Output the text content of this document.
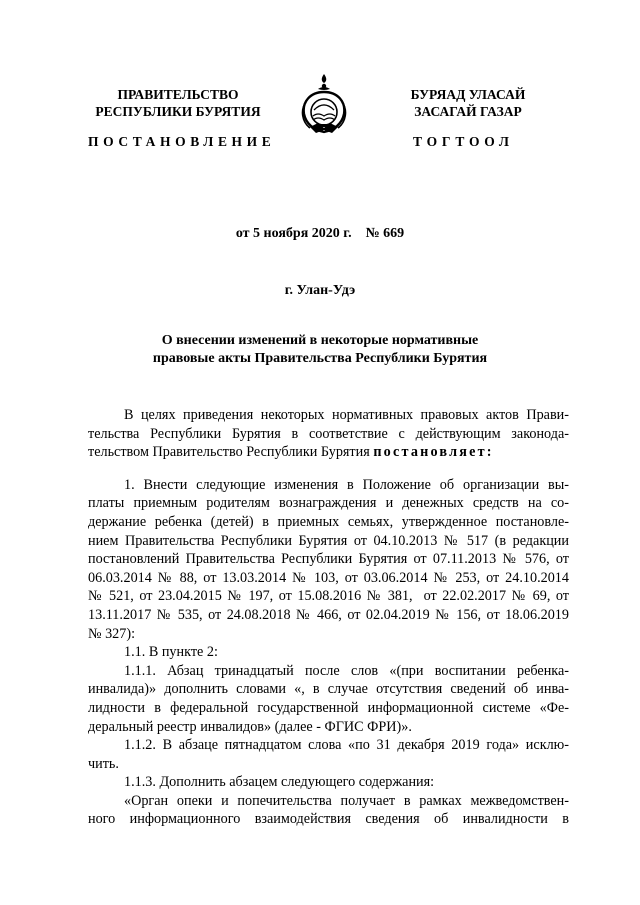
ПРАВИТЕЛЬСТВО
РЕСПУБЛИКИ БУРЯТИЯ
БУРЯАД УЛАСАЙ
ЗАСАГАЙ ГАЗАР
ПОСТАНОВЛЕНИЕ	ТОГТООЛ
от 5 ноября 2020 г.    № 669
г. Улан-Удэ
О внесении изменений в некоторые нормативные
правовые акты Правительства Республики Бурятия
В целях приведения некоторых нормативных правовых актов Прави-
тельства Республики Бурятия в соответствие с действующим законода-
тельством Правительство Республики Бурятия постановляет:
1. Внести следующие изменения в Положение об организации вы-
платы приемным родителям вознаграждения и денежных средств на со-
держание ребенка (детей) в приемных семьях, утвержденное постановле-
нием Правительства Республики Бурятия от 04.10.2013 № 517 (в редакции
постановлений Правительства Республики Бурятия от 07.11.2013 № 576, от
06.03.2014 № 88, от 13.03.2014 № 103, от 03.06.2014 № 253, от 24.10.2014
№ 521, от 23.04.2015 № 197, от 15.08.2016 № 381,  от 22.02.2017 № 69, от
13.11.2017 № 535, от 24.08.2018 № 466, от 02.04.2019 № 156, от 18.06.2019
№ 327):
1.1. В пункте 2:
1.1.1. Абзац тринадцатый после слов «(при воспитании ребенка-
инвалида)» дополнить словами «, в случае отсутствия сведений об инва-
лидности в федеральной государственной информационной системе «Фе-
деральный реестр инвалидов» (далее - ФГИС ФРИ)».
1.1.2. В абзаце пятнадцатом слова «по 31 декабря 2019 года» исклю-
чить.
1.1.3. Дополнить абзацем следующего содержания:
«Орган опеки и попечительства получает в рамках межведомствен-
ного информационного взаимодействия сведения об инвалидности в
